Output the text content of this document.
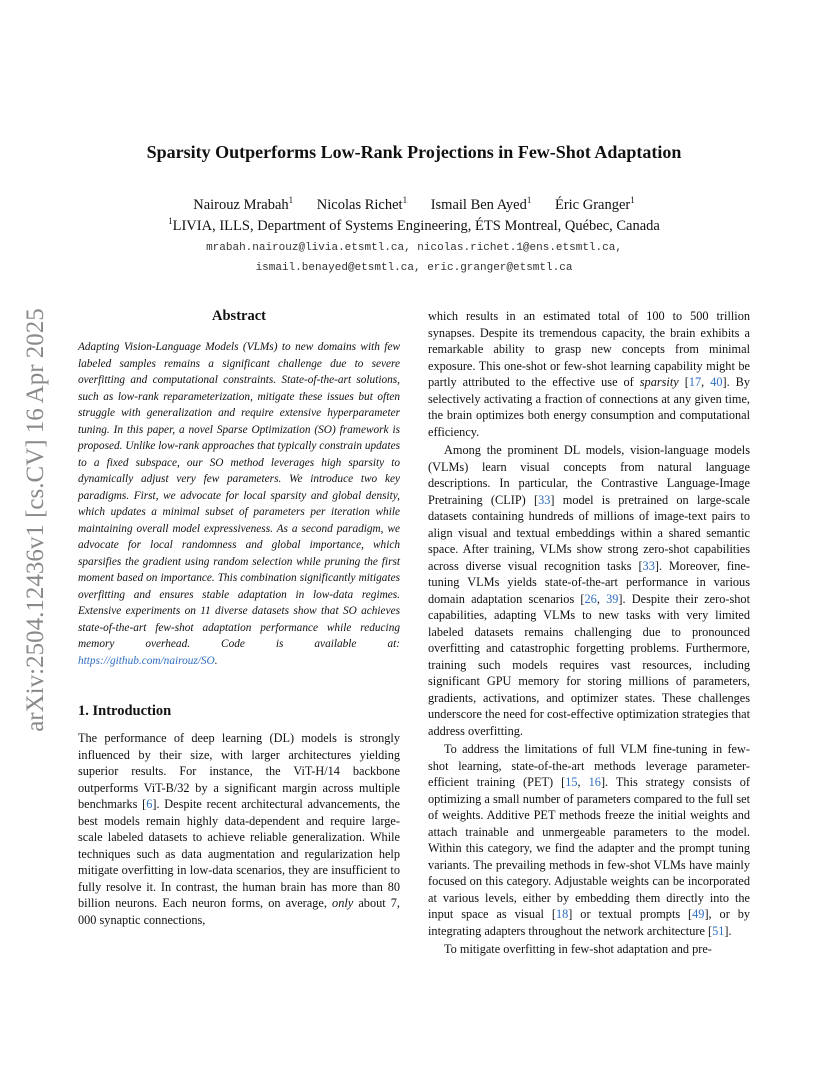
arXiv:2504.12436v1 [cs.CV] 16 Apr 2025
Sparsity Outperforms Low-Rank Projections in Few-Shot Adaptation
Nairouz Mrabah$^1$ Nicolas Richet$^1$ Ismail Ben Ayed$^1$ Éric Granger$^1$
$^1$LIVIA, ILLS, Department of Systems Engineering, ÉTS Montreal, Québec, Canada
mrabah.nairouz@livia.etsmtl.ca, nicolas.richet.1@ens.etsmtl.ca,
ismail.benayed@etsmtl.ca, eric.granger@etsmtl.ca
Abstract

Adapting Vision-Language Models (VLMs) to new domains with few labeled samples remains a significant challenge due to severe overfitting and computational constraints. State-of-the-art solutions, such as low-rank reparameterization, mitigate these issues but often struggle with generalization and require extensive hyperparameter tuning. In this paper, a novel Sparse Optimization (SO) framework is proposed. Unlike low-rank approaches that typically constrain updates to a fixed subspace, our SO method leverages high sparsity to dynamically adjust very few parameters. We introduce two key paradigms. First, we advocate for local sparsity and global density, which updates a minimal subset of parameters per iteration while maintaining overall model expressiveness. As a second paradigm, we advocate for local randomness and global importance, which sparsifies the gradient using random selection while pruning the first moment based on importance. This combination significantly mitigates overfitting and ensures stable adaptation in low-data regimes. Extensive experiments on 11 diverse datasets show that SO achieves state-of-the-art few-shot adaptation performance while reducing memory overhead. Code is available at: https://github.com/nairouz/SO.

1. Introduction

The performance of deep learning (DL) models is strongly influenced by their size, with larger architectures yielding superior results. For instance, the ViT-H/14 backbone outperforms ViT-B/32 by a significant margin across multiple benchmarks [6]. Despite recent architectural advancements, the best models remain highly data-dependent and require large-scale labeled datasets to achieve reliable generalization. While techniques such as data augmentation and regularization help mitigate overfitting in low-data scenarios, they are insufficient to fully resolve it. In contrast, the human brain has more than 80 billion neurons. Each neuron forms, on average, only about 7, 000 synaptic connections,

which results in an estimated total of 100 to 500 trillion synapses. Despite its tremendous capacity, the brain exhibits a remarkable ability to grasp new concepts from minimal exposure. This one-shot or few-shot learning capability might be partly attributed to the effective use of sparsity [17, 40]. By selectively activating a fraction of connections at any given time, the brain optimizes both energy consumption and computational efficiency.

Among the prominent DL models, vision-language models (VLMs) learn visual concepts from natural language descriptions. In particular, the Contrastive Language-Image Pretraining (CLIP) [33] model is pretrained on large-scale datasets containing hundreds of millions of image-text pairs to align visual and textual embeddings within a shared semantic space. After training, VLMs show strong zero-shot capabilities across diverse visual recognition tasks [33]. Moreover, fine-tuning VLMs yields state-of-the-art performance in various domain adaptation scenarios [26, 39]. Despite their zero-shot capabilities, adapting VLMs to new tasks with very limited labeled datasets remains challenging due to pronounced overfitting and catastrophic forgetting problems. Furthermore, training such models requires vast resources, including significant GPU memory for storing millions of parameters, gradients, activations, and optimizer states. These challenges underscore the need for cost-effective optimization strategies that address overfitting.

To address the limitations of full VLM fine-tuning in few-shot learning, state-of-the-art methods leverage parameter-efficient training (PET) [15, 16]. This strategy consists of optimizing a small number of parameters compared to the full set of weights. Additive PET methods freeze the initial weights and attach trainable and unmergeable parameters to the model. Within this category, we find the adapter and the prompt tuning variants. The prevailing methods in few-shot VLMs have mainly focused on this category. Adjustable weights can be incorporated at various levels, either by embedding them directly into the input space as visual [18] or textual prompts [49], or by integrating adapters throughout the network architecture [51].

To mitigate overfitting in few-shot adaptation and pre-
